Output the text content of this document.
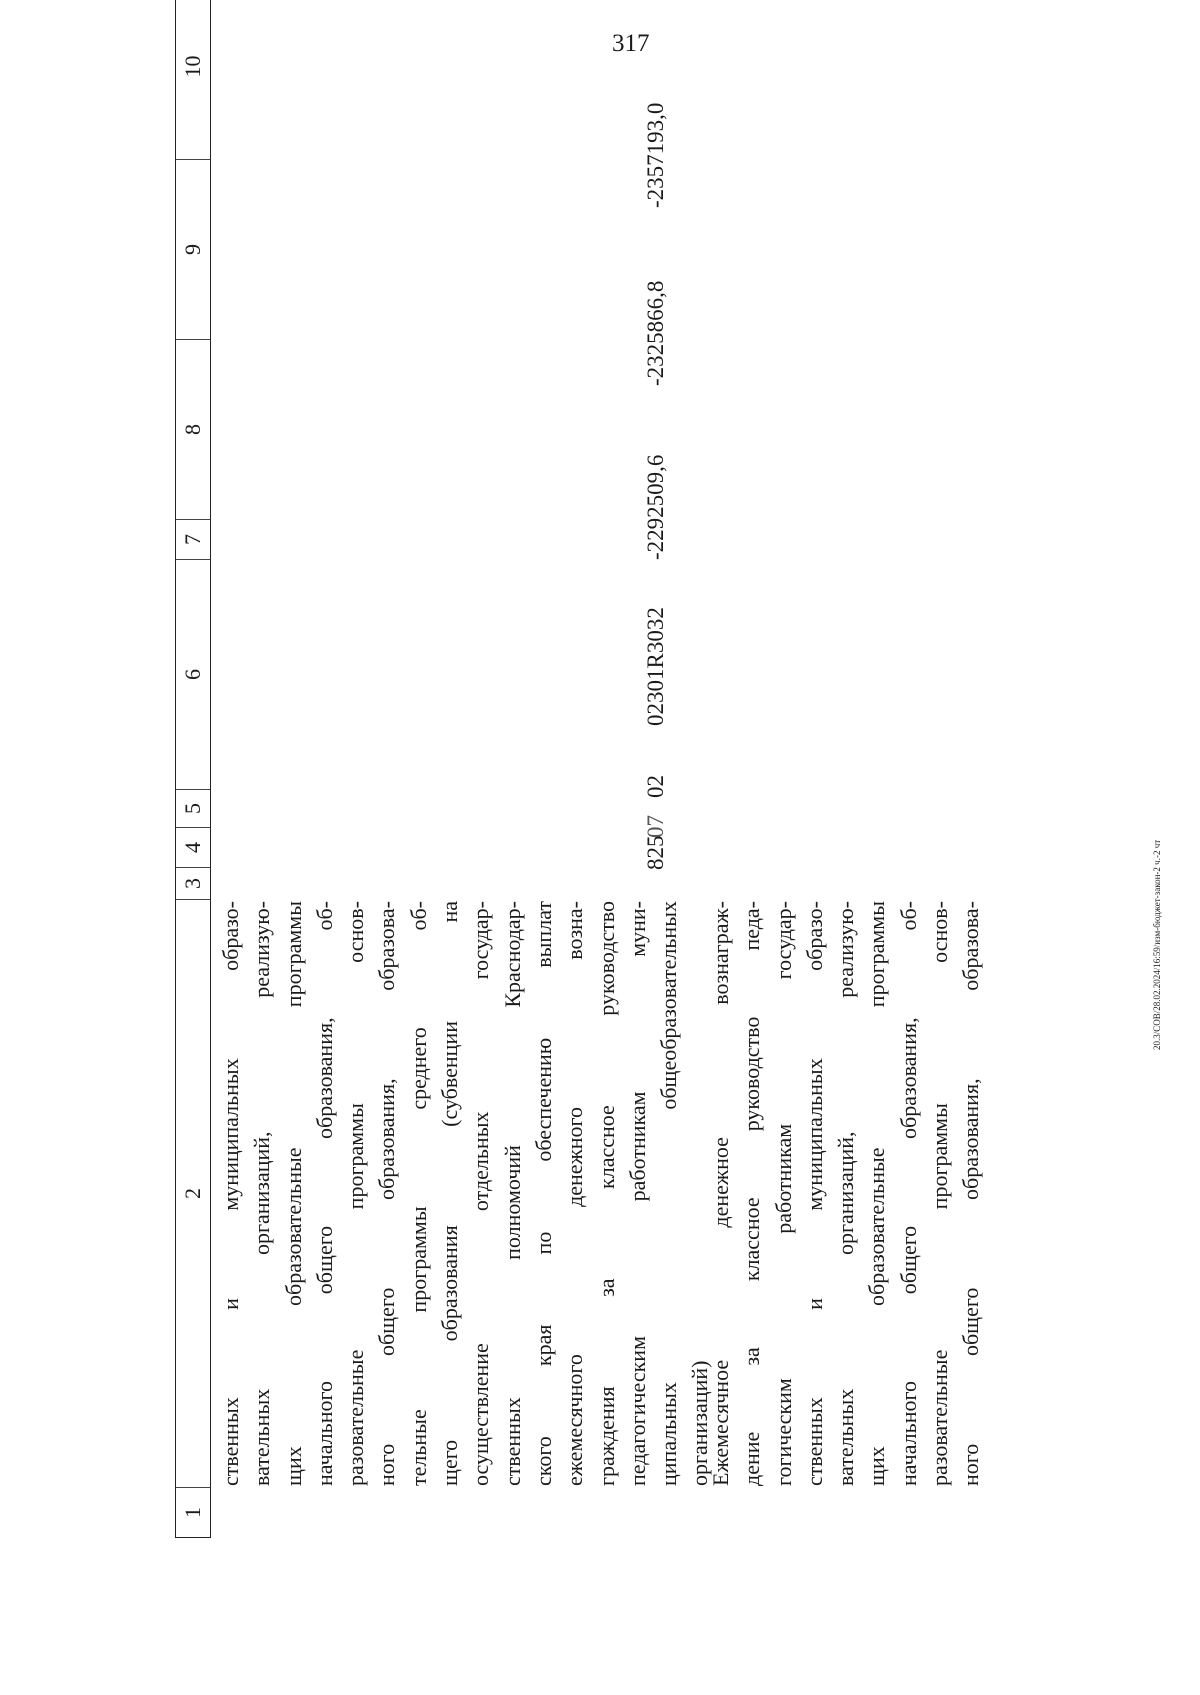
317
20.3/СОВ/28.02.2024/16:59/изм-бюджет-закон-2 ч.-2 чт
1
2
3
4
5
6
7
8
9
10
ственных и муниципальных образо- вательных организаций, реализую- щих образовательные программы начального общего образования, об- разовательные программы основ- ного общего образования, образова- тельные программы среднего об- щего образования (субвенции на осуществление отдельных государ- ственных полномочий Краснодар- ского края по обеспечению выплат ежемесячного денежного возна- граждения за классное руководство педагогическим работникам муни- ципальных общеобразовательных организаций)
825
07
02
02301R3032
-2292509,6
-2325866,8
-2357193,0
Ежемесячное денежное вознаграж- дение за классное руководство педа- гогическим работникам государ- ственных и муниципальных образо- вательных организаций, реализую- щих образовательные программы начального общего образования, об- разовательные программы основ- ного общего образования, образова-
